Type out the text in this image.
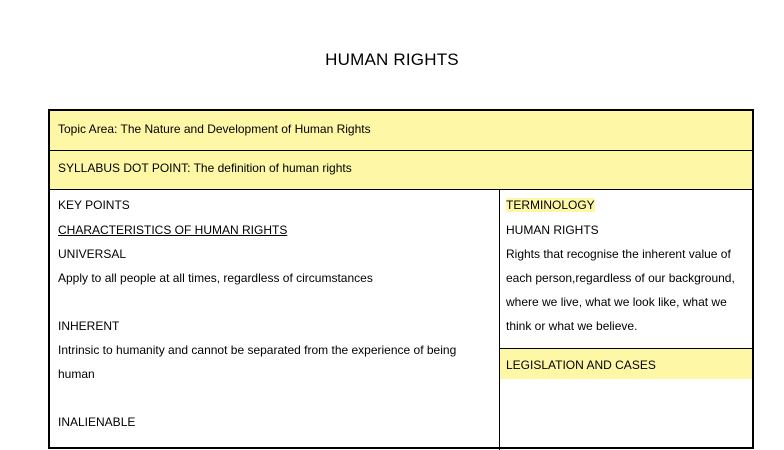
HUMAN RIGHTS
Topic Area: The Nature and Development of Human Rights
SYLLABUS DOT POINT: The definition of human rights
KEY POINTS
CHARACTERISTICS OF HUMAN RIGHTS
UNIVERSAL
Apply to all people at all times, regardless of circumstances
INHERENT
Intrinsic to humanity and cannot be separated from the experience of being
human
INALIENABLE
TERMINOLOGY
HUMAN RIGHTS
Rights that recognise the inherent value of
each person,regardless of our background,
where we live, what we look like, what we
think or what we believe.
LEGISLATION AND CASES
